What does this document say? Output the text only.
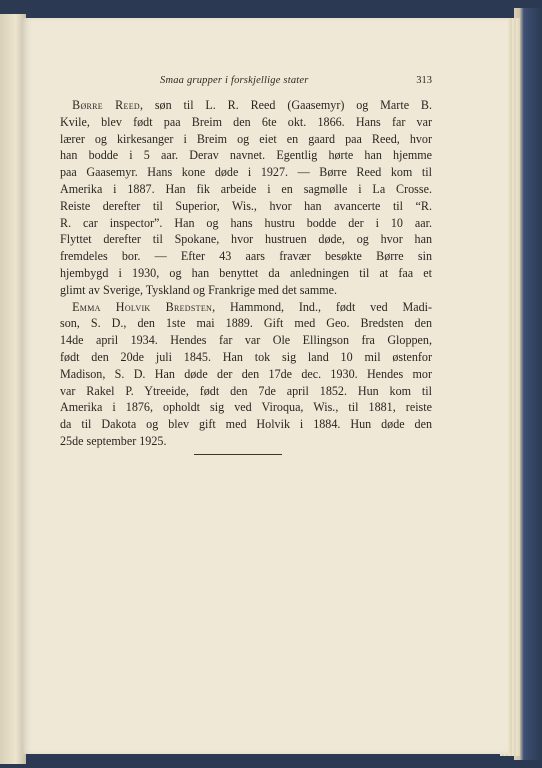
Smaa grupper i forskjellige stater	313

 Børre Reed, søn til L. R. Reed (Gaasemyr) og Marte B.
Kvile, blev født paa Breim den 6te okt. 1866. Hans far var
lærer og kirkesanger i Breim og eiet en gaard paa Reed, hvor
han bodde i 5 aar. Derav navnet. Egentlig hørte han hjemme
paa Gaasemyr. Hans kone døde i 1927. — Børre Reed kom til
Amerika i 1887. Han fik arbeide i en sagmølle i La Crosse.
Reiste derefter til Superior, Wis., hvor han avancerte til “R.
R. car inspector”. Han og hans hustru bodde der i 10 aar.
Flyttet derefter til Spokane, hvor hustruen døde, og hvor han
fremdeles bor. — Efter 43 aars fravær besøkte Børre sin
hjembygd i 1930, og han benyttet da anledningen til at faa et
glimt av Sverige, Tyskland og Frankrige med det samme.

 Emma Holvik Bredsten, Hammond, Ind., født ved Madi-
son, S. D., den 1ste mai 1889. Gift med Geo. Bredsten den
14de april 1934. Hendes far var Ole Ellingson fra Gloppen,
født den 20de juli 1845. Han tok sig land 10 mil østenfor
Madison, S. D. Han døde der den 17de dec. 1930. Hendes mor
var Rakel P. Ytreeide, født den 7de april 1852. Hun kom til
Amerika i 1876, opholdt sig ved Viroqua, Wis., til 1881, reiste
da til Dakota og blev gift med Holvik i 1884. Hun døde den
25de september 1925.
